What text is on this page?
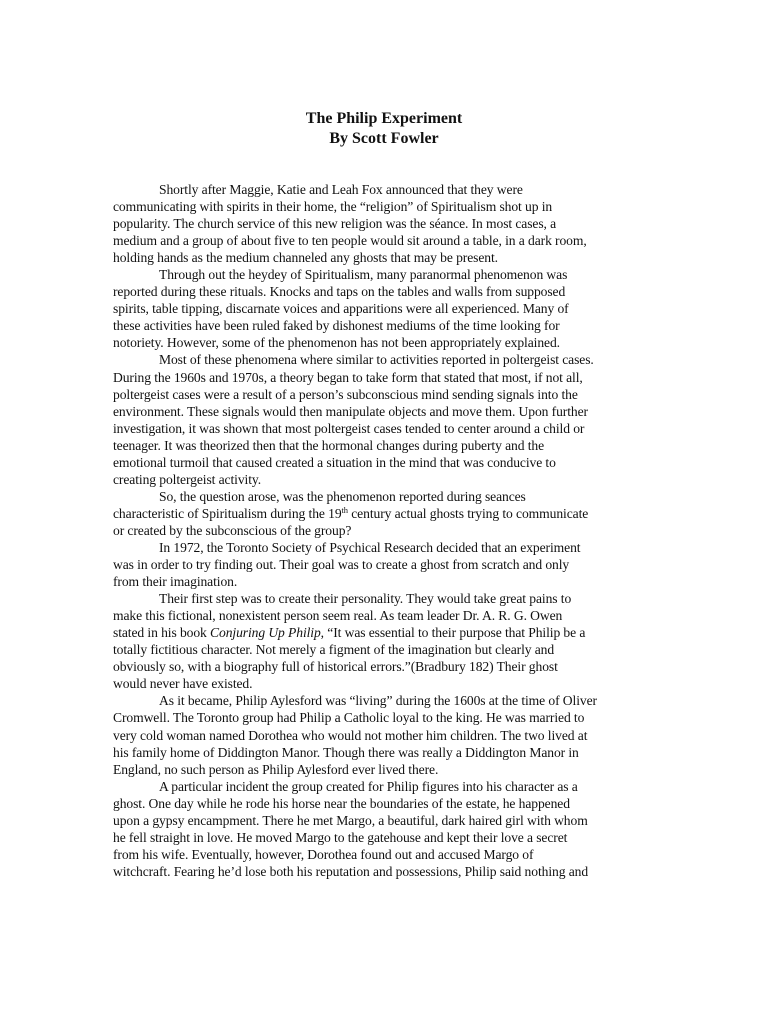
The Philip Experiment
By Scott Fowler

Shortly after Maggie, Katie and Leah Fox announced that they were
communicating with spirits in their home, the “religion” of Spiritualism shot up in
popularity. The church service of this new religion was the séance. In most cases, a
medium and a group of about five to ten people would sit around a table, in a dark room,
holding hands as the medium channeled any ghosts that may be present.

Through out the heydey of Spiritualism, many paranormal phenomenon was
reported during these rituals. Knocks and taps on the tables and walls from supposed
spirits, table tipping, discarnate voices and apparitions were all experienced. Many of
these activities have been ruled faked by dishonest mediums of the time looking for
notoriety. However, some of the phenomenon has not been appropriately explained.

Most of these phenomena where similar to activities reported in poltergeist cases.
During the 1960s and 1970s, a theory began to take form that stated that most, if not all,
poltergeist cases were a result of a person’s subconscious mind sending signals into the
environment. These signals would then manipulate objects and move them. Upon further
investigation, it was shown that most poltergeist cases tended to center around a child or
teenager. It was theorized then that the hormonal changes during puberty and the
emotional turmoil that caused created a situation in the mind that was conducive to
creating poltergeist activity.

So, the question arose, was the phenomenon reported during seances
characteristic of Spiritualism during the 19th century actual ghosts trying to communicate
or created by the subconscious of the group?

In 1972, the Toronto Society of Psychical Research decided that an experiment
was in order to try finding out. Their goal was to create a ghost from scratch and only
from their imagination.

Their first step was to create their personality. They would take great pains to
make this fictional, nonexistent person seem real. As team leader Dr. A. R. G. Owen
stated in his book Conjuring Up Philip, “It was essential to their purpose that Philip be a
totally fictitious character. Not merely a figment of the imagination but clearly and
obviously so, with a biography full of historical errors.”(Bradbury 182) Their ghost
would never have existed.

As it became, Philip Aylesford was “living” during the 1600s at the time of Oliver
Cromwell. The Toronto group had Philip a Catholic loyal to the king. He was married to
very cold woman named Dorothea who would not mother him children. The two lived at
his family home of Diddington Manor. Though there was really a Diddington Manor in
England, no such person as Philip Aylesford ever lived there.

A particular incident the group created for Philip figures into his character as a
ghost. One day while he rode his horse near the boundaries of the estate, he happened
upon a gypsy encampment. There he met Margo, a beautiful, dark haired girl with whom
he fell straight in love. He moved Margo to the gatehouse and kept their love a secret
from his wife. Eventually, however, Dorothea found out and accused Margo of
witchcraft. Fearing he’d lose both his reputation and possessions, Philip said nothing and
